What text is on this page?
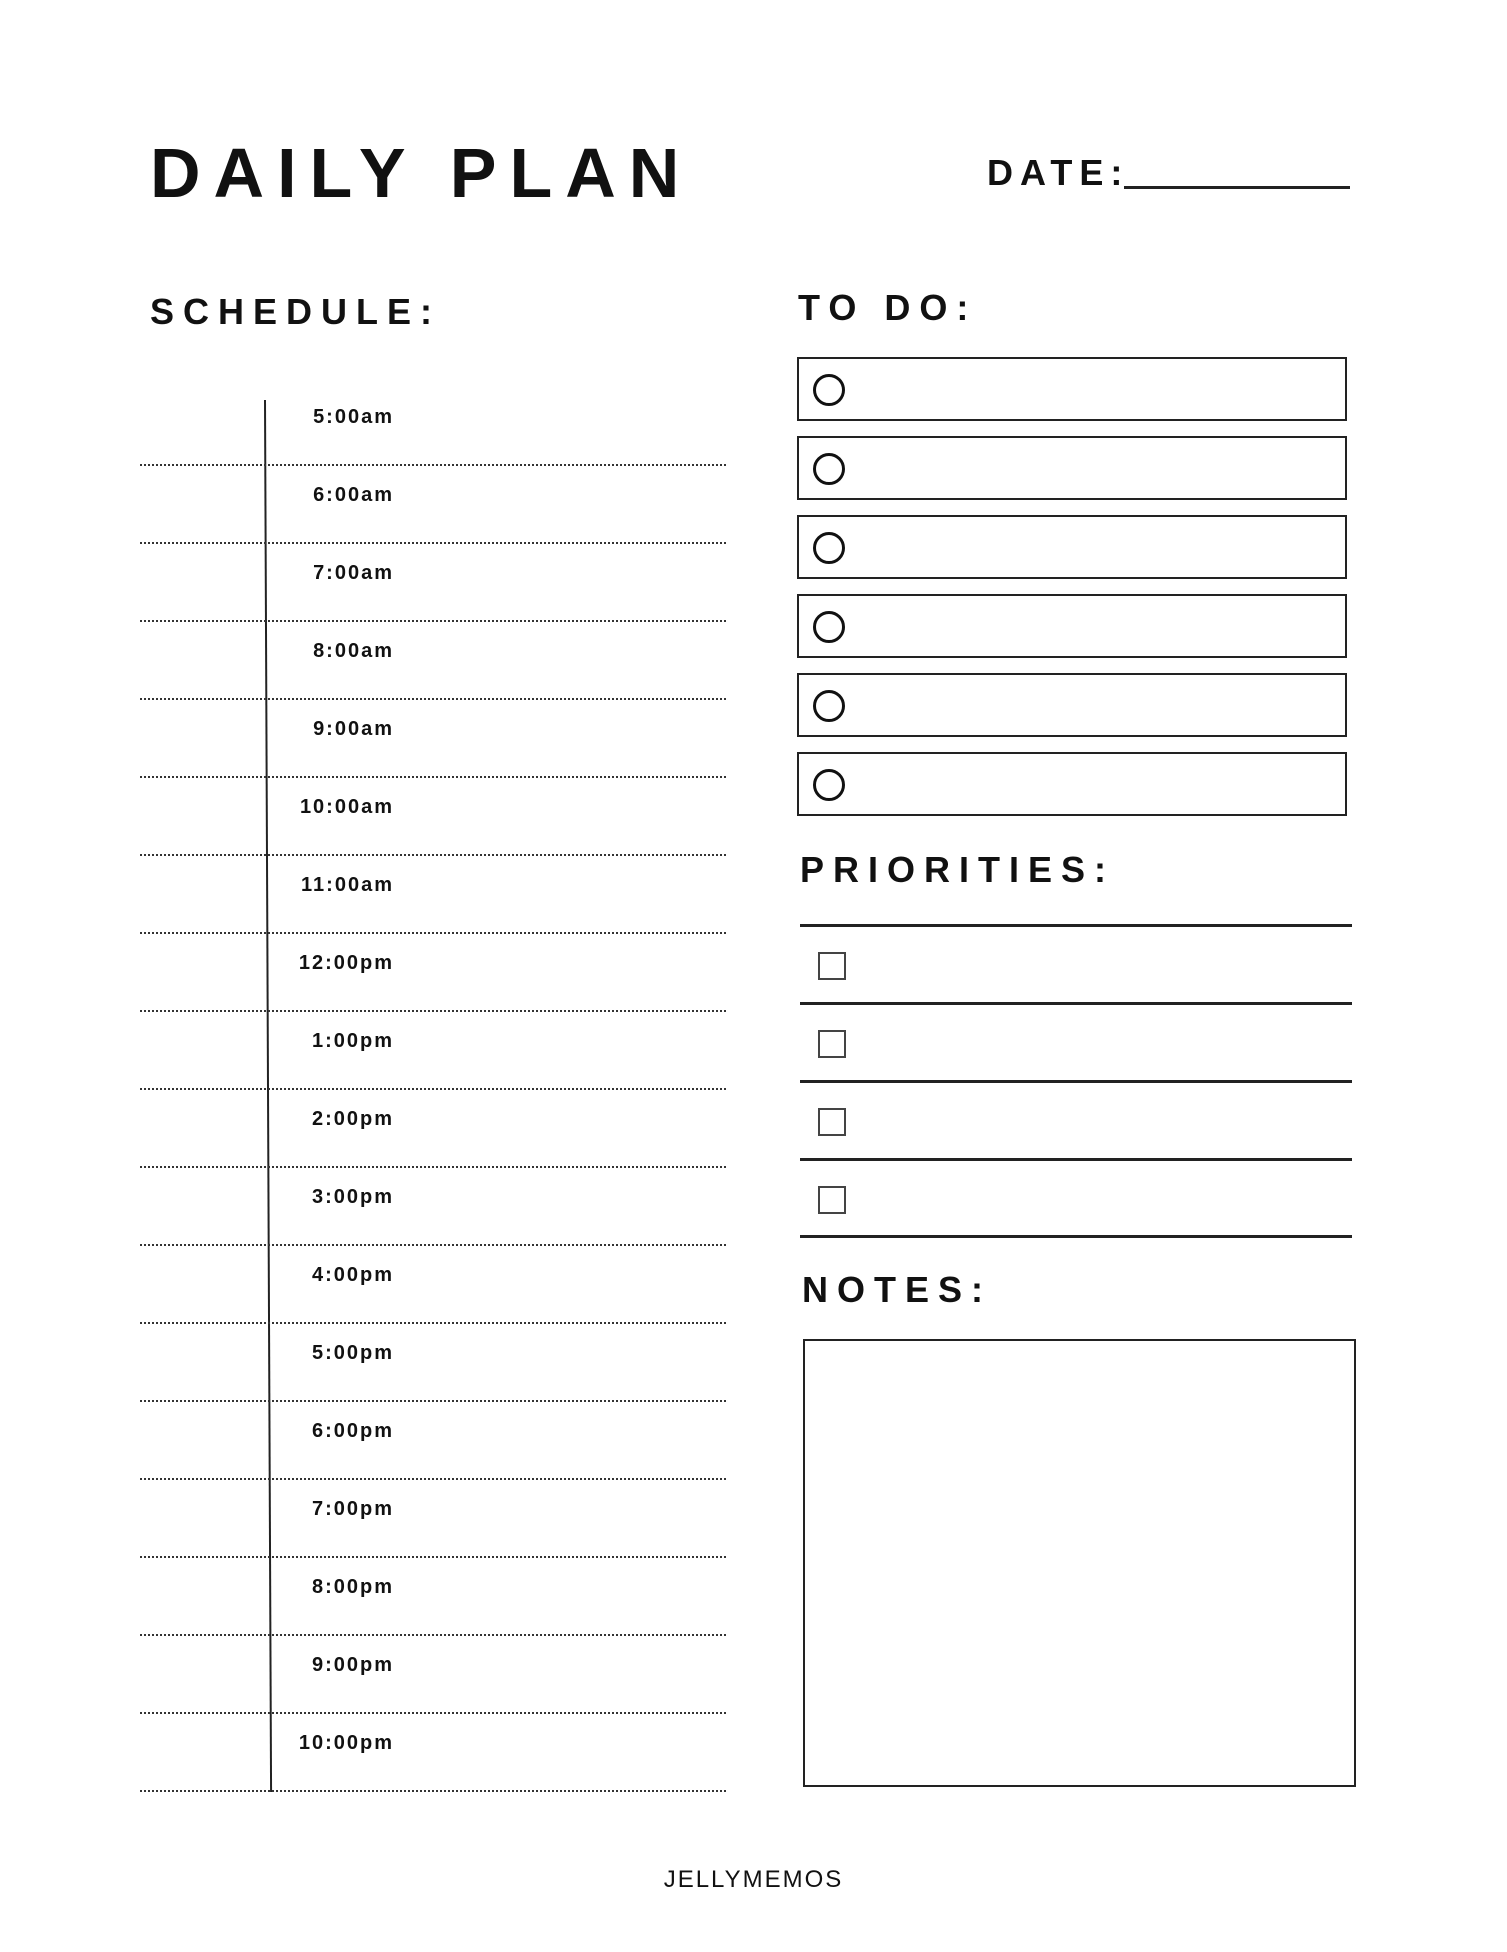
DAILY PLAN	DATE:
SCHEDULE:
5:00am
6:00am
7:00am
8:00am
9:00am
10:00am
11:00am
12:00pm
1:00pm
2:00pm
3:00pm
4:00pm
5:00pm
6:00pm
7:00pm
8:00pm
9:00pm
10:00pm
TO DO:
PRIORITIES:
NOTES:
JELLYMEMOS
